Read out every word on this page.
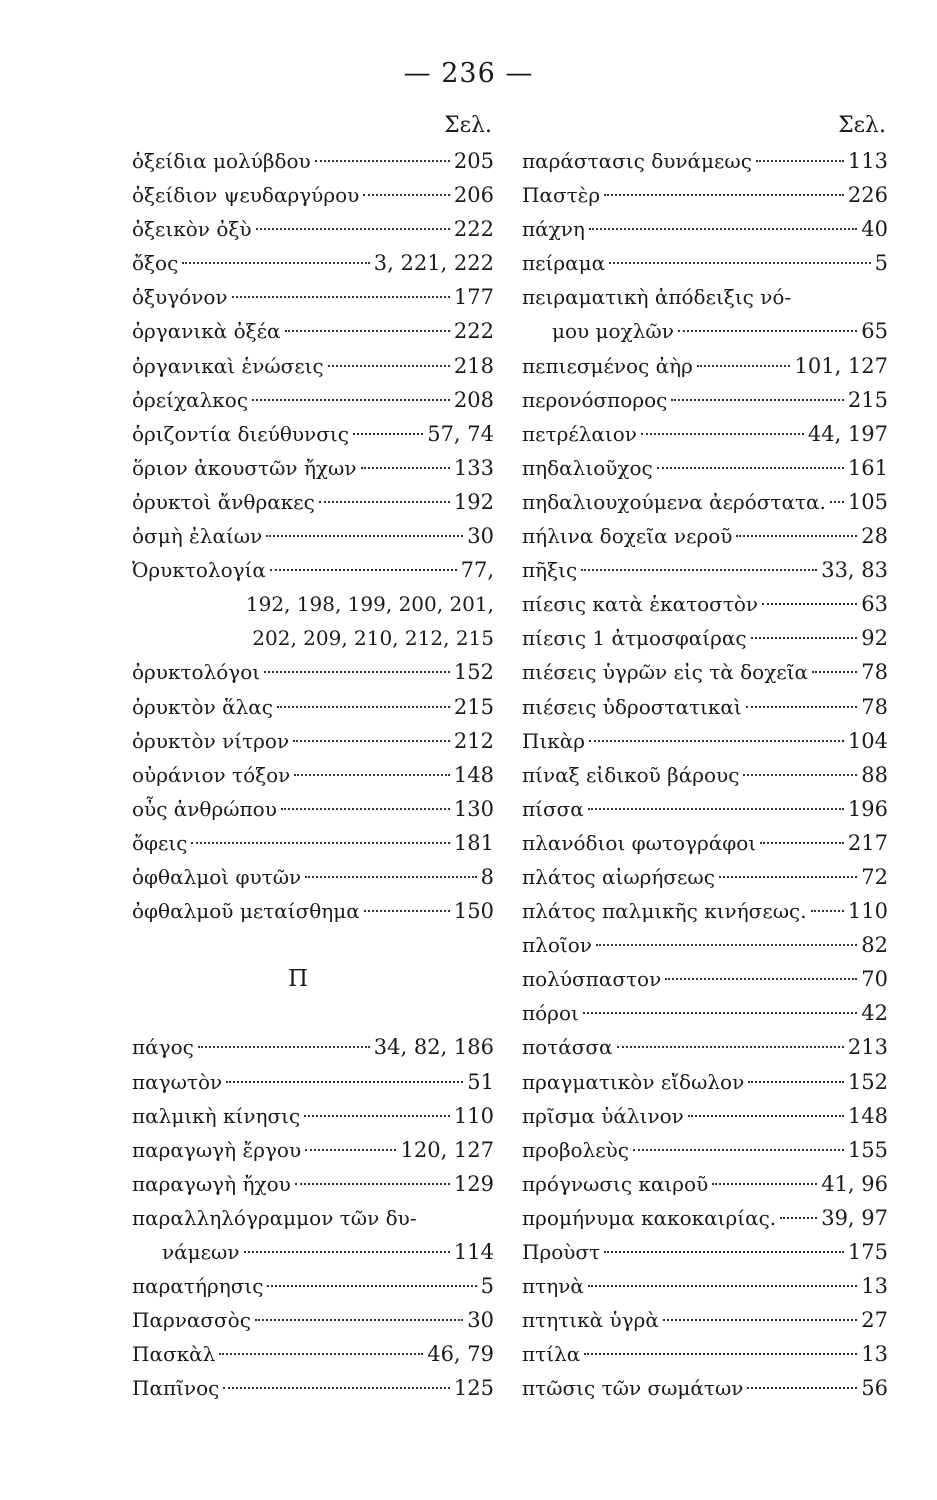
— 236 —
Σελ.
ὀξείδια μολύβδου	205
ὀξείδιον ψευδαργύρου	206
ὀξεικὸν ὀξὺ	222
ὄξος	3, 221, 222
ὀξυγόνον	177
ὀργανικὰ ὀξέα	222
ὀργανικαὶ ἑνώσεις	218
ὀρείχαλκος	208
ὁριζοντία διεύθυνσις	57, 74
ὅριον ἀκουστῶν ἤχων	133
ὀρυκτοὶ ἄνθρακες	192
ὀσμὴ ἐλαίων	30
Ὀρυκτολογία	77,
192, 198, 199, 200, 201,
202, 209, 210, 212, 215
ὀρυκτολόγοι	152
ὀρυκτὸν ἅλας	215
ὀρυκτὸν νίτρον	212
οὐράνιον τόξον	148
οὖς ἀνθρώπου	130
ὄφεις	181
ὀφθαλμοὶ φυτῶν	8
ὀφθαλμοῦ μεταίσθημα	150
Π
πάγος	34, 82, 186
παγωτὸν	51
παλμικὴ κίνησις	110
παραγωγὴ ἔργου	120, 127
παραγωγὴ ἤχου	129
παραλληλόγραμμον τῶν δυ-
νάμεων	114
παρατήρησις	5
Παρνασσὸς	30
Πασκὰλ	46, 79
Παπῖνος	125
Σελ.
παράστασις δυνάμεως	113
Παστὲρ	226
πάχνη	40
πείραμα	5
πειραματικὴ ἀπόδειξις νό-
μου μοχλῶν	65
πεπιεσμένος ἀὴρ	101, 127
περονόσπορος	215
πετρέλαιον	44, 197
πηδαλιοῦχος	161
πηδαλιουχούμενα ἀερόστατα. 105
πήλινα δοχεῖα νεροῦ	28
πῆξις	33, 83
πίεσις κατὰ ἑκατοστὸν	63
πίεσις 1 ἀτμοσφαίρας	92
πιέσεις ὑγρῶν εἰς τὰ δοχεῖα	78
πιέσεις ὑδροστατικαὶ	78
Πικὰρ	104
πίναξ εἰδικοῦ βάρους	88
πίσσα	196
πλανόδιοι φωτογράφοι	217
πλάτος αἰωρήσεως	72
πλάτος παλμικῆς κινήσεως. 110
πλοῖον	82
πολύσπαστον	70
πόροι	42
ποτάσσα	213
πραγματικὸν εἴδωλον	152
πρῖσμα ὑάλινον	148
προβολεὺς	155
πρόγνωσις καιροῦ	41, 96
προμήνυμα κακοκαιρίας. 39, 97
Προὺστ	175
πτηνὰ	13
πτητικὰ ὑγρὰ	27
πτίλα	13
πτῶσις τῶν σωμάτων	56
